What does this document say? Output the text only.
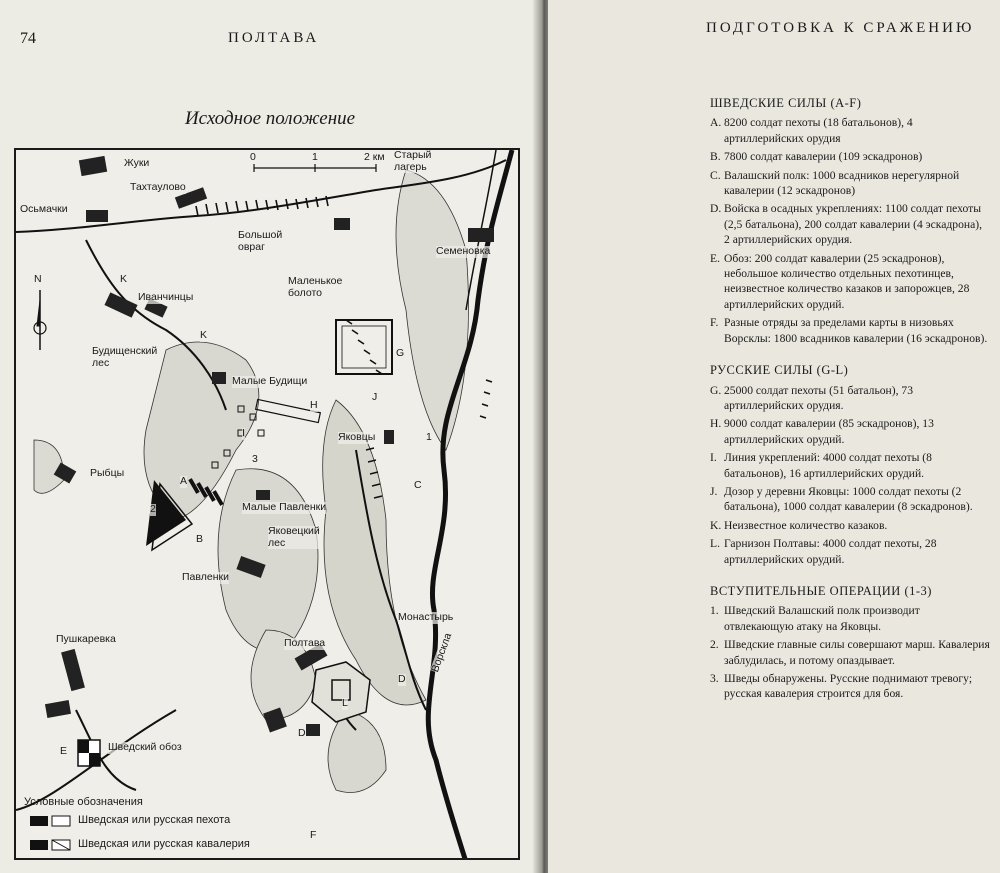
74	ПОЛТАВА
Исходное положение
Жуки
Тахтаулово
Осьмачки
Старый
лагерь
Большой
овраг	Семеновка
Маленькое
болото
Иванчинцы
Будищенский
лес
Малые Будищи
Яковцы
Рыбцы
Малые Павленки
Яковецкий
лес
Павленки
Монастырь
Пушкаревка	Полтава	Ворскла
Шведский обоз
K
K
G
H
J
1
I
2
3
A
B
C
D
D
E
L
F
N
0	1	2 км
Условные обозначения
Шведская или русская пехота
Шведская или русская кавалерия
ПОДГОТОВКА К СРАЖЕНИЮ
ШВЕДСКИЕ СИЛЫ (A-F)
A. 8200 солдат пехоты (18 батальонов), 4 артиллерийских орудия
B. 7800 солдат кавалерии (109 эскадронов)
C. Валашский полк: 1000 всадников нерегулярной кавалерии (12 эскадронов)
D. Войска в осадных укреплениях: 1100 солдат пехоты (2,5 батальона), 200 солдат кавалерии (4 эскадрона), 2 артиллерийских орудия.
E. Обоз: 200 солдат кавалерии (25 эскадронов), небольшое количество отдельных пехотинцев, неизвестное количество казаков и запорожцев, 28 артиллерийских орудий.
F. Разные отряды за пределами карты в низовьях Ворсклы: 1800 всадников кавалерии (16 эскадронов).
РУССКИЕ СИЛЫ (G-L)
G. 25000 солдат пехоты (51 батальон), 73 артиллерийских орудия.
H. 9000 солдат кавалерии (85 эскадронов), 13 артиллерийских орудий.
I. Линия укреплений: 4000 солдат пехоты (8 батальонов), 16 артиллерийских орудий.
J. Дозор у деревни Яковцы: 1000 солдат пехоты (2 батальона), 1000 солдат кавалерии (8 эскадронов).
K. Неизвестное количество казаков.
L. Гарнизон Полтавы: 4000 солдат пехоты, 28 артиллерийских орудий.
ВСТУПИТЕЛЬНЫЕ ОПЕРАЦИИ (1-3)
1. Шведский Валашский полк производит отвлекающую атаку на Яковцы.
2. Шведские главные силы совершают марш. Кавалерия заблудилась, и потому опаздывает.
3. Шведы обнаружены. Русские поднимают тревогу; русская кавалерия строится для боя.
